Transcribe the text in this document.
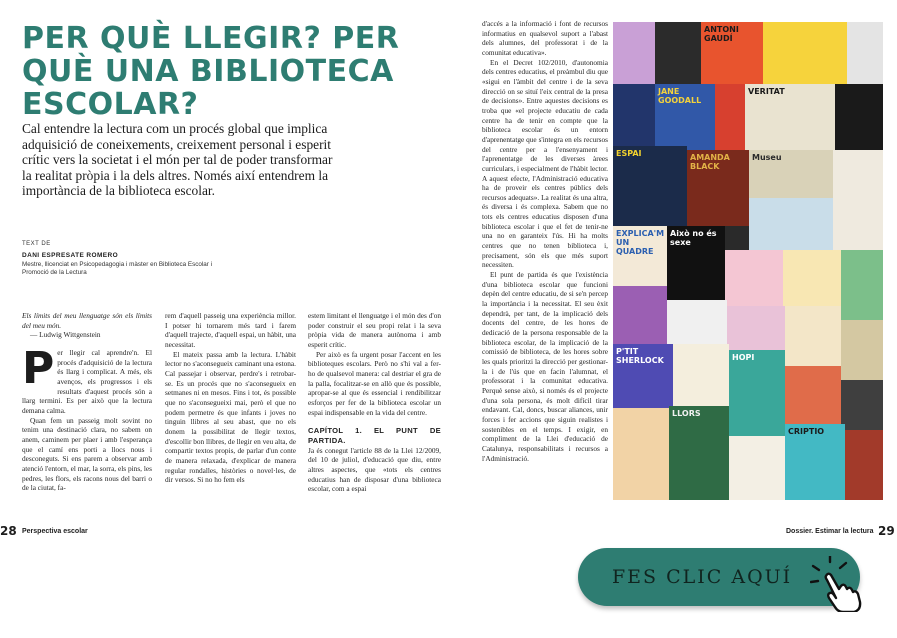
PER QUÈ LLEGIR? PER QUÈ UNA BIBLIOTECA ESCOLAR?
Cal entendre la lectura com un procés global que implica adquisició de coneixements, creixement personal i esperit crític vers la societat i el món per tal de poder transformar la realitat pròpia i la dels altres. Només així entendrem la importància de la biblioteca escolar.
TEXT DE
DANI ESPRESATE ROMERO
Mestre, llicenciat en Psicopedagogia i màster en Biblioteca Escolar i Promoció de la Lectura

Els límits del meu llenguatge són els límits del meu món.

— Ludwig Wittgenstein

Per llegir cal aprendre'n. El procés d'adquisició de la lectura és llarg i complicat. A més, els avenços, els progressos i els resultats d'aquest procés són a llarg termini. Es per això que la lectura demana calma.

Quan fem un passeig molt sovint no tenim una destinació clara, no sabem on anem, caminem per plaer i amb l'esperança que el camí ens porti a llocs nous i desconeguts. Si ens parem a observar amb atenció l'entorn, el mar, la sorra, els pins, les pedres, les flors, els racons nous del barri o de la ciutat, fa-

rem d'aquell passeig una experiència millor. I potser hi tornarem més tard i farem d'aquell trajecte, d'aquell espai, un hàbit, una necessitat.

El mateix passa amb la lectura. L'hàbit lector no s'aconsegueix caminant una estona. Cal passejar i observar, perdre's i retrobar-se. Es un procés que no s'aconsegueix en setmanes ni en mesos. Fins i tot, és possible que no s'aconsegueixi mai, però el que no podem permetre és que infants i joves no tinguin llibres al seu abast, que no els donem la possibilitat de llegir textos, d'escollir bon llibres, de llegir en veu alta, de compartir textos propis, de parlar d'un conte de manera relaxada, d'explicar de manera regular rondalles, històries o novel·les, de dir versos. Si no ho fem els

estem limitant el llenguatge i el món des d'on poder construir el seu propi relat i la seva pròpia vida de manera autònoma i amb esperit crític.

Per això es fa urgent posar l'accent en les biblioteques escolars. Però no s'hi val a fer-ho de qualsevol manera: cal destriar el gra de la palla, focalitzar-se en allò que és possible, apropar-se al que és essencial i rendibilitzar esforços per fer de la biblioteca escolar un espai indispensable en la vida del centre.

CAPÍTOL 1. EL PUNT DE PARTIDA.

Ja és conegut l'article 88 de la Llei 12/2009, del 10 de juliol, d'educació que diu, entre altres aspectes, que «tots els centres educatius han de disposar d'una biblioteca escolar, com a espai

28 Perspectiva escolar

d'accés a la informació i font de recursos informatius en qualsevol suport a l'abast dels alumnes, del professorat i de la comunitat educativa».

En el Decret 102/2010, d'autonomia dels centres educatius, el preàmbul diu que «sigui en l'àmbit del centre i de la seva direcció on se situï l'eix central de la presa de decisions». Entre aquestes decisions es troba que «el projecte educatiu de cada centre ha de tenir en compte que la biblioteca escolar és un entorn d'aprenentatge que s'integra en els recursos del centre per a l'ensenyament i l'aprenentatge de les diverses àrees curriculars, i especialment de l'hàbit lector. A aquest efecte, l'Administració educativa ha de proveir els centres públics dels recursos adequats». La realitat és una altra, és diversa i és complexa. Sabem que no tots els centres educatius disposen d'una biblioteca escolar i que el fet de tenir-ne una no en garanteix l'ús. Hi ha molts centres que no tenen biblioteca i, precisament, són els que més suport necessiten.

El punt de partida és que l'existència d'una biblioteca escolar que funcioni depèn del centre educatiu, de si se'n percep la importància i la necessitat. El seu èxit dependrà, per tant, de la implicació dels docents del centre, de les hores de dedicació de la persona responsable de la biblioteca escolar, de la implicació de la comissió de biblioteca, de les hores sobre les quals prioritzi la direcció per gestionar-la i de l'ús que en facin l'alumnat, el professorat i la comunitat educativa. Perquè sense això, si només és el projecte d'una sola persona, és molt difícil tirar endavant. Cal, doncs, buscar aliances, unir forces i fer accions que siguin realistes i sostenibles en el temps. I exigir, en compliment de la Llei d'educació de Catalunya, responsabilitats i recursos a l'Administració.

ANTONI GAUDÍ
JANE GOODALL
VERITAT
ESPAI	AMANDA BLACK
Museu
EXPLICA'M UN QUADRE
Això no és sexe
P'TIT SHERLOCK	HOPI
LLORS
CRIPTIO
Dossier. Estimar la lectura 29
FES CLIC AQUÍ
